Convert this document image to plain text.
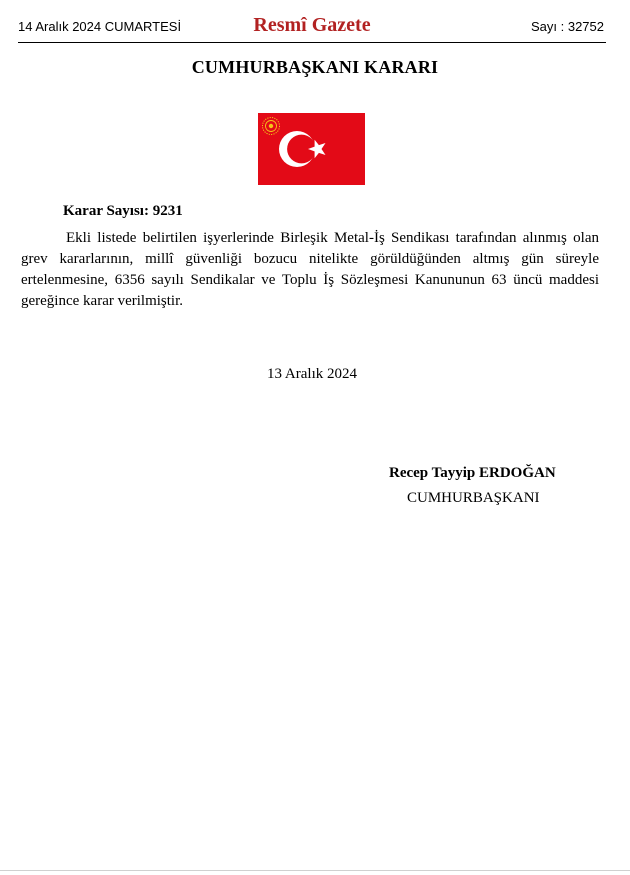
14 Aralık 2024 CUMARTESİ	Resmî Gazete	Sayı : 32752
CUMHURBAŞKANI KARARI
Karar Sayısı: 9231

Ekli listede belirtilen işyerlerinde Birleşik Metal-İş Sendikası tarafından alınmış olan grev kararlarının, millî güvenliği bozucu nitelikte görüldüğünden altmış gün süreyle ertelenmesine, 6356 sayılı Sendikalar ve Toplu İş Sözleşmesi Kanununun 63 üncü maddesi gereğince karar verilmiştir.

13 Aralık 2024
Recep Tayyip ERDOĞAN
CUMHURBAŞKANI
